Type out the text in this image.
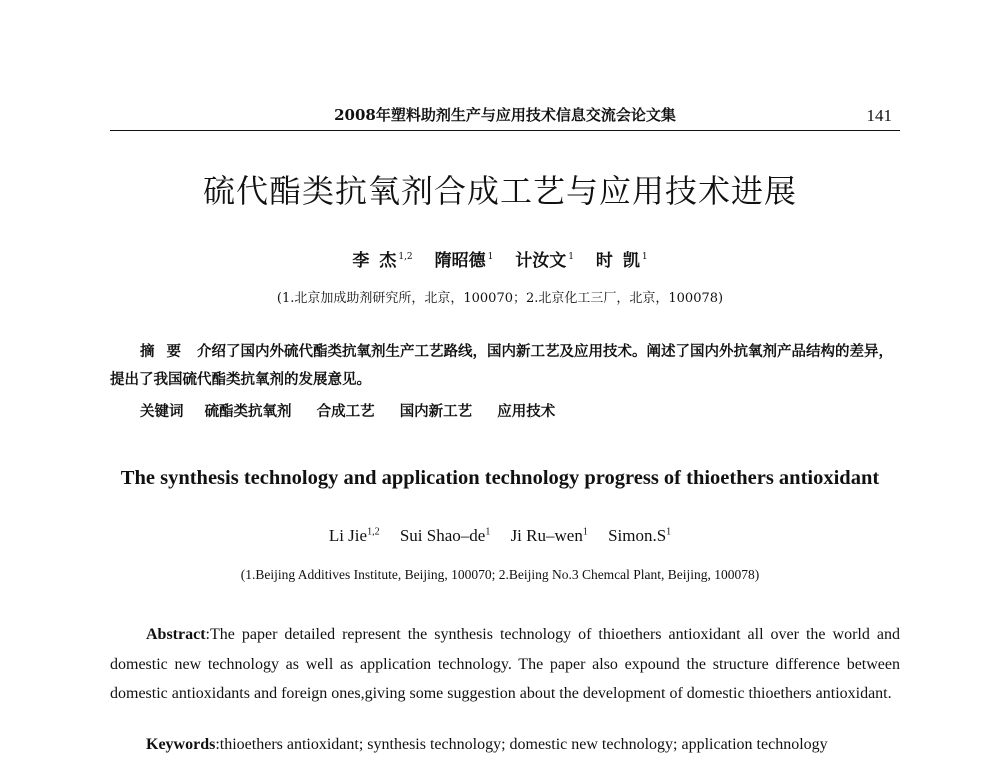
2008年塑料助剂生产与应用技术信息交流会论文集	141
硫代酯类抗氧剂合成工艺与应用技术进展
李 杰 $^{1,2}$ 隋昭德 $^1$ 计汝文 $^1$ 时 凯 $^1$
(1.北京加成助剂研究所，北京，100070；2.北京化工三厂，北京，100078)
摘要 介绍了国内外硫代酯类抗氧剂生产工艺路线，国内新工艺及应用技术。阐述了国内外抗氧剂产品结构的差异，提出了我国硫代酯类抗氧剂的发展意见。
关键词 硫酯类抗氧剂 合成工艺 国内新工艺 应用技术
The synthesis technology and application technology progress of thioethers antioxidant
Li Jie$^{1,2}$ Sui Shao–$de^1$ Ji Ru–wen$^1$ $Simon.S^1$
(1.Beijing Additives Institute, Beijing, 100070; 2.Beijing No.3 Chemcal Plant, Beijing, 100078)
Abstract:The paper detailed represent the synthesis technology of thioethers antioxidant all over the world and domestic new technology as well as application technology. The paper also expound the structure difference between domestic antioxidants and foreign ones,giving some suggestion about the development of domestic thioethers antioxidant.
Keywords:thioethers antioxidant; synthesis technology; domestic new technology; application technology
